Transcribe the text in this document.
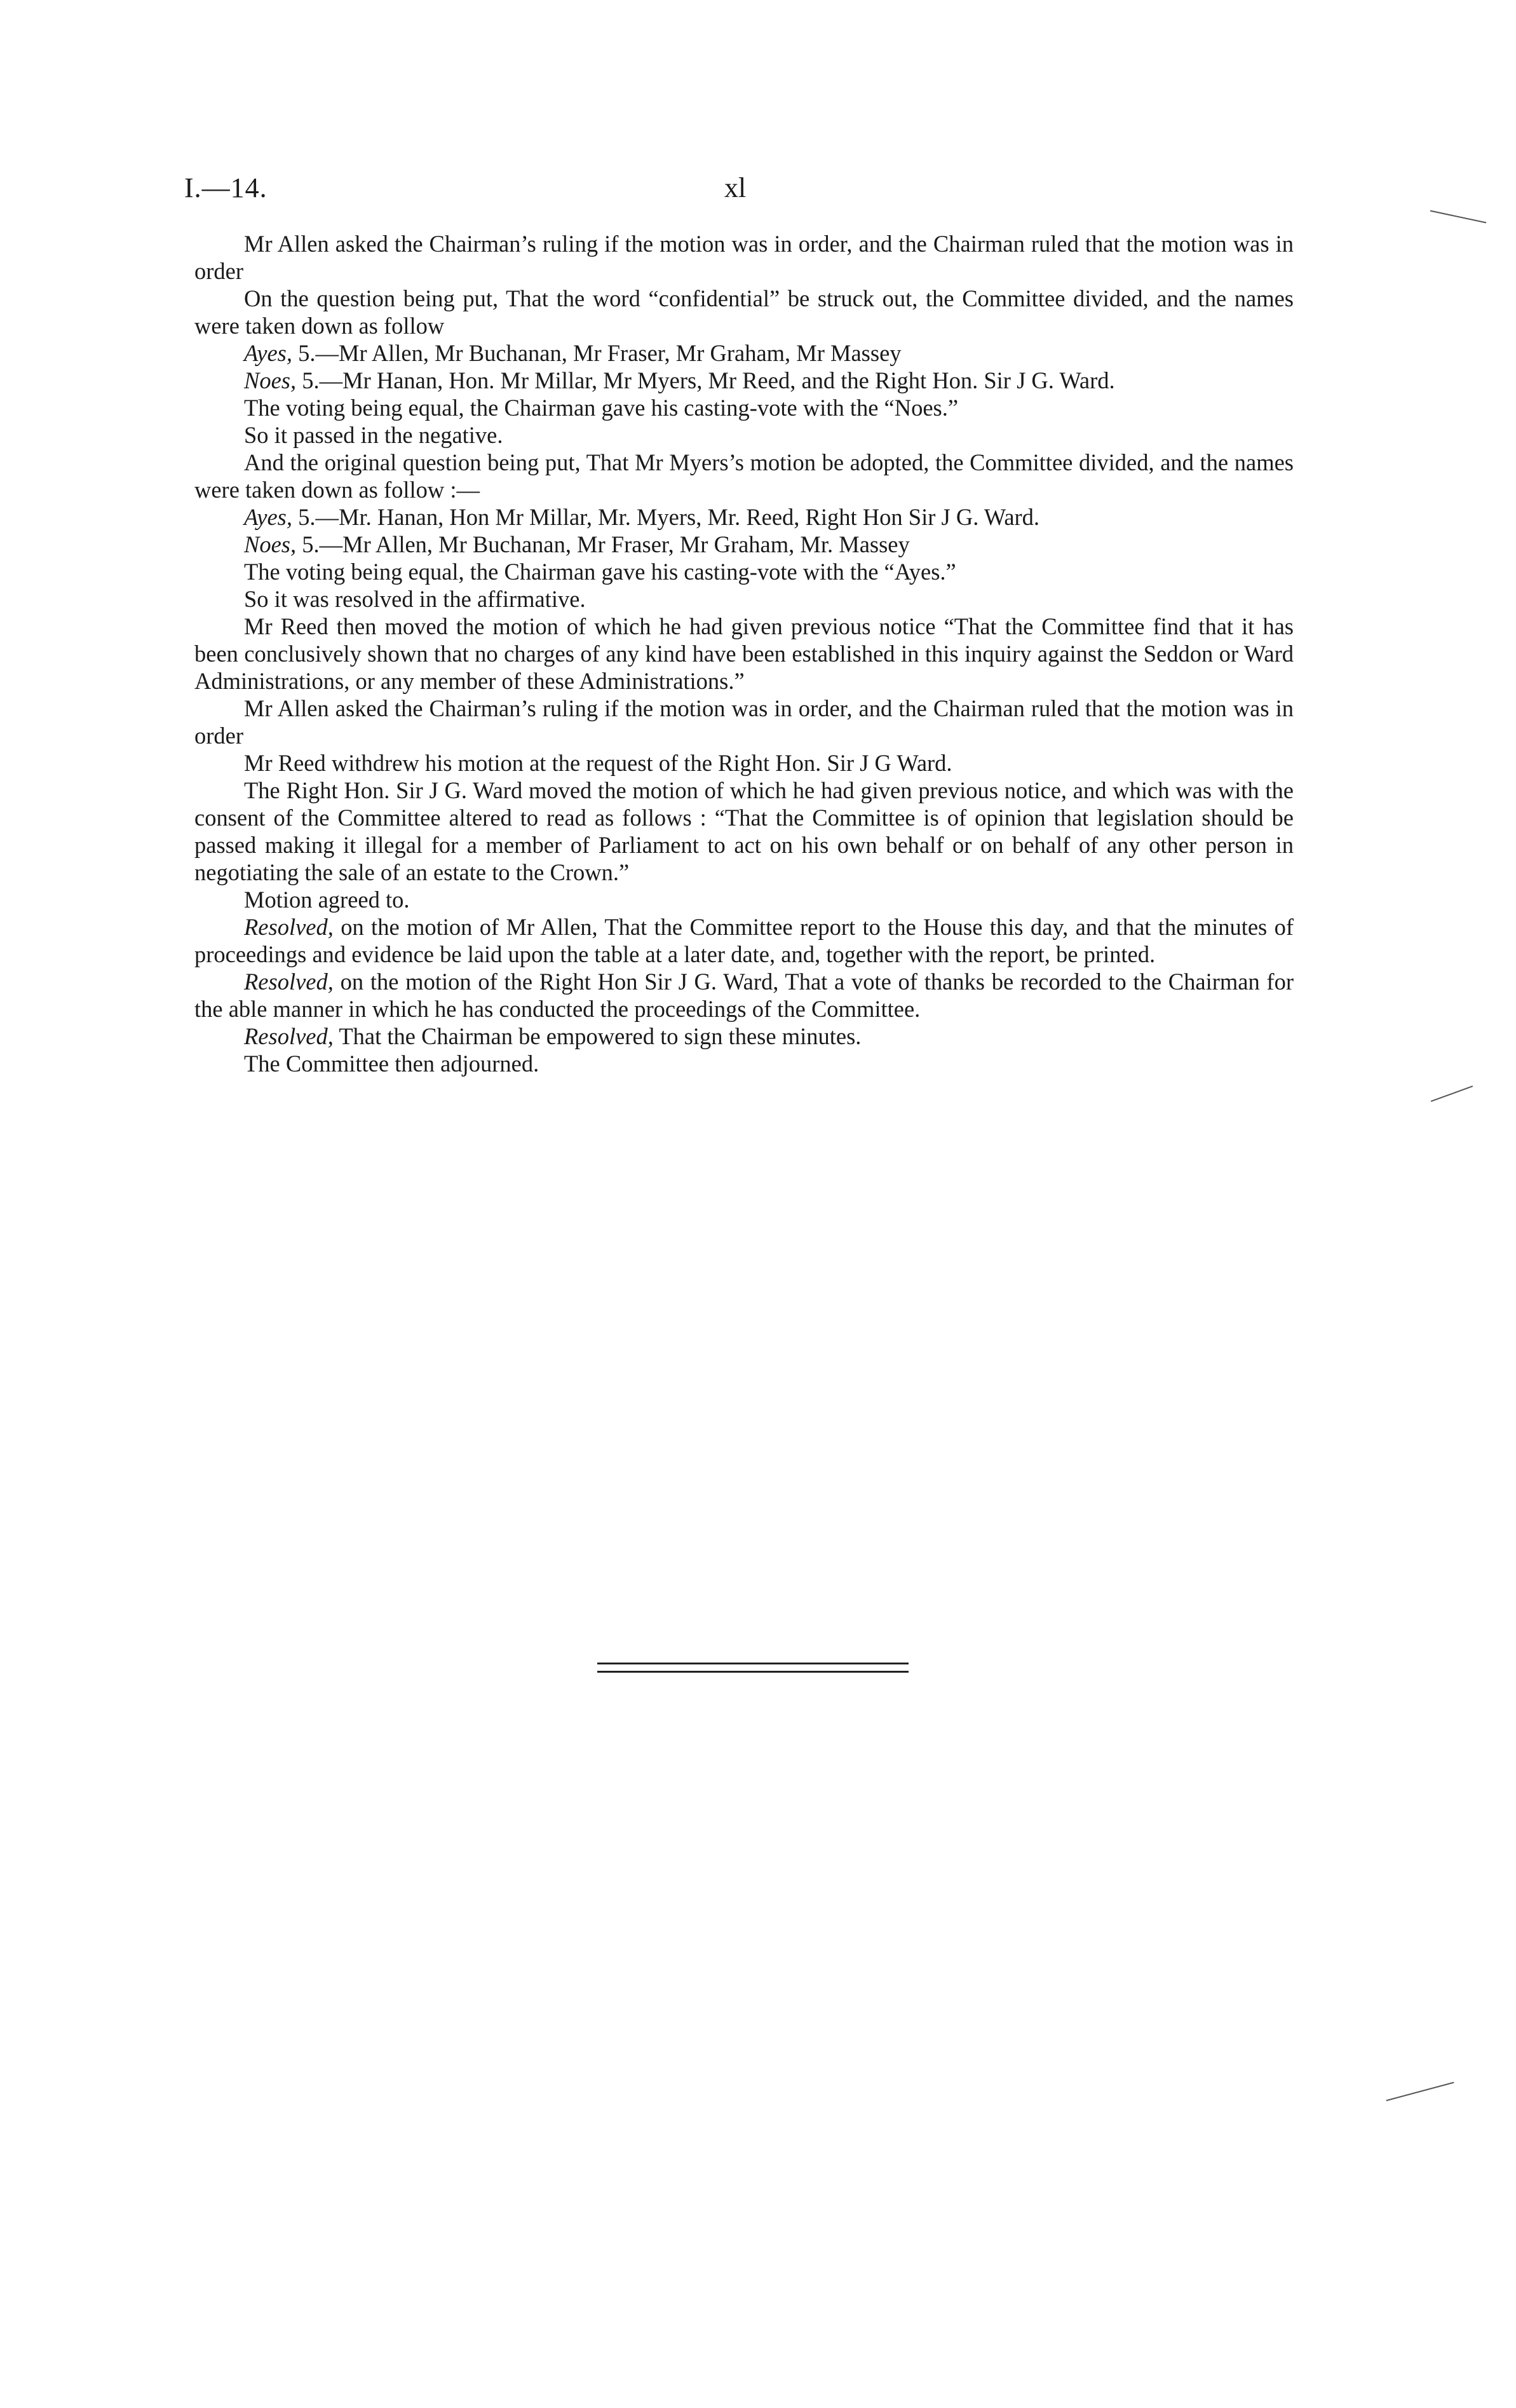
I.—14.	xl

Mr Allen asked the Chairman’s ruling if the motion was in order, and the Chairman ruled that the motion was in order

On the question being put, That the word “confidential” be struck out, the Committee divided, and the names were taken down as follow

Ayes, 5.—Mr Allen, Mr Buchanan, Mr Fraser, Mr Graham, Mr Massey

Noes, 5.—Mr Hanan, Hon. Mr Millar, Mr Myers, Mr Reed, and the Right Hon. Sir J G. Ward.

The voting being equal, the Chairman gave his casting-vote with the “Noes.”

So it passed in the negative.

And the original question being put, That Mr Myers’s motion be adopted, the Committee divided, and the names were taken down as follow :—

Ayes, 5.—Mr. Hanan, Hon Mr Millar, Mr. Myers, Mr. Reed, Right Hon Sir J G. Ward.

Noes, 5.—Mr Allen, Mr Buchanan, Mr Fraser, Mr Graham, Mr. Massey

The voting being equal, the Chairman gave his casting-vote with the “Ayes.”

So it was resolved in the affirmative.

Mr Reed then moved the motion of which he had given previous notice “That the Committee find that it has been conclusively shown that no charges of any kind have been established in this inquiry against the Seddon or Ward Administrations, or any member of these Administrations.”

Mr Allen asked the Chairman’s ruling if the motion was in order, and the Chairman ruled that the motion was in order

Mr Reed withdrew his motion at the request of the Right Hon. Sir J G Ward.

The Right Hon. Sir J G. Ward moved the motion of which he had given previous notice, and which was with the consent of the Committee altered to read as follows : “That the Committee is of opinion that legislation should be passed making it illegal for a member of Parliament to act on his own behalf or on behalf of any other person in negotiating the sale of an estate to the Crown.”

Motion agreed to.

Resolved, on the motion of Mr Allen, That the Committee report to the House this day, and that the minutes of proceedings and evidence be laid upon the table at a later date, and, together with the report, be printed.

Resolved, on the motion of the Right Hon Sir J G. Ward, That a vote of thanks be recorded to the Chairman for the able manner in which he has conducted the proceedings of the Committee.

Resolved, That the Chairman be empowered to sign these minutes.

The Committee then adjourned.
